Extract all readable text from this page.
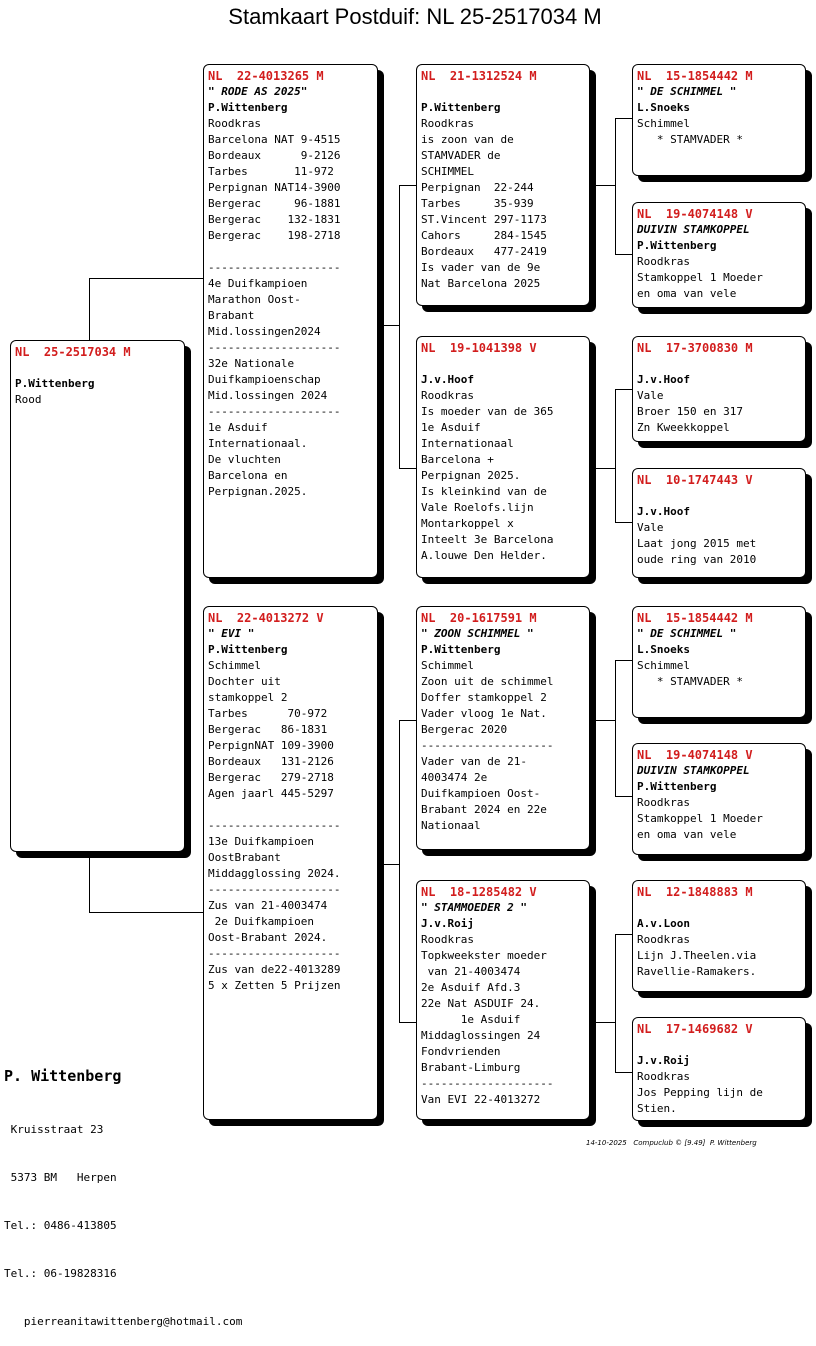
Stamkaart Postduif: NL 25-2517034 M
NL  25-2517034 M

P.Wittenberg
Rood
NL  22-4013265 M
" RODE AS 2025"
P.Wittenberg
Roodkras
Barcelona NAT 9-4515
Bordeaux      9-2126
Tarbes       11-972
Perpignan NAT14-3900
Bergerac     96-1881
Bergerac    132-1831
Bergerac    198-2718

--------------------
4e Duifkampioen
Marathon Oost-
Brabant
Mid.lossingen2024
--------------------
32e Nationale
Duifkampioenschap
Mid.lossingen 2024
--------------------
1e Asduif
Internationaal.
De vluchten
Barcelona en
Perpignan.2025.
NL  22-4013272 V
" EVI "
P.Wittenberg
Schimmel
Dochter uit
stamkoppel 2
Tarbes      70-972
Bergerac   86-1831
PerpignNAT 109-3900
Bordeaux   131-2126
Bergerac   279-2718
Agen jaarl 445-5297

--------------------
13e Duifkampioen
OostBrabant
Middagglossing 2024.
--------------------
Zus van 21-4003474
2e Duifkampioen
Oost-Brabant 2024.
--------------------
Zus van de22-4013289
5 x Zetten 5 Prijzen
NL  21-1312524 M

P.Wittenberg
Roodkras
is zoon van de
STAMVADER de
SCHIMMEL
Perpignan  22-244
Tarbes     35-939
ST.Vincent 297-1173
Cahors     284-1545
Bordeaux   477-2419
Is vader van de 9e
Nat Barcelona 2025
NL  19-1041398 V

J.v.Hoof
Roodkras
Is moeder van de 365
1e Asduif
Internationaal
Barcelona +
Perpignan 2025.
Is kleinkind van de
Vale Roelofs.lijn
Montarkoppel x
Inteelt 3e Barcelona
A.louwe Den Helder.
NL  20-1617591 M
" ZOON SCHIMMEL "
P.Wittenberg
Schimmel
Zoon uit de schimmel
Doffer stamkoppel 2
Vader vloog 1e Nat.
Bergerac 2020
--------------------
Vader van de 21-
4003474 2e
Duifkampioen Oost-
Brabant 2024 en 22e
Nationaal
NL  18-1285482 V
" STAMMOEDER 2 "
J.v.Roij
Roodkras
Topkweekster moeder
van 21-4003474
2e Asduif Afd.3
22e Nat ASDUIF 24.
1e Asduif
Middaglossingen 24
Fondvrienden
Brabant-Limburg
--------------------
Van EVI 22-4013272
NL  15-1854442 M
" DE SCHIMMEL "
L.Snoeks
Schimmel
* STAMVADER *
NL  19-4074148 V
DUIVIN STAMKOPPEL
P.Wittenberg
Roodkras
Stamkoppel 1 Moeder
en oma van vele
NL  17-3700830 M

J.v.Hoof
Vale
Broer 150 en 317
Zn Kweekkoppel
NL  10-1747443 V

J.v.Hoof
Vale
Laat jong 2015 met
oude ring van 2010
NL  15-1854442 M
" DE SCHIMMEL "
L.Snoeks
Schimmel
* STAMVADER *
NL  19-4074148 V
DUIVIN STAMKOPPEL
P.Wittenberg
Roodkras
Stamkoppel 1 Moeder
en oma van vele
NL  12-1848883 M

A.v.Loon
Roodkras
Lijn J.Theelen.via
Ravellie-Ramakers.
NL  17-1469682 V

J.v.Roij
Roodkras
Jos Pepping lijn de
Stien.

P. Wittenberg

Kruisstraat 23

5373 BM   Herpen

Tel.: 0486-413805

Tel.: 06-19828316

pierreanitawittenberg@hotmail.com

14-10-2025   Compuclub © [9.49]  P. Wittenberg
